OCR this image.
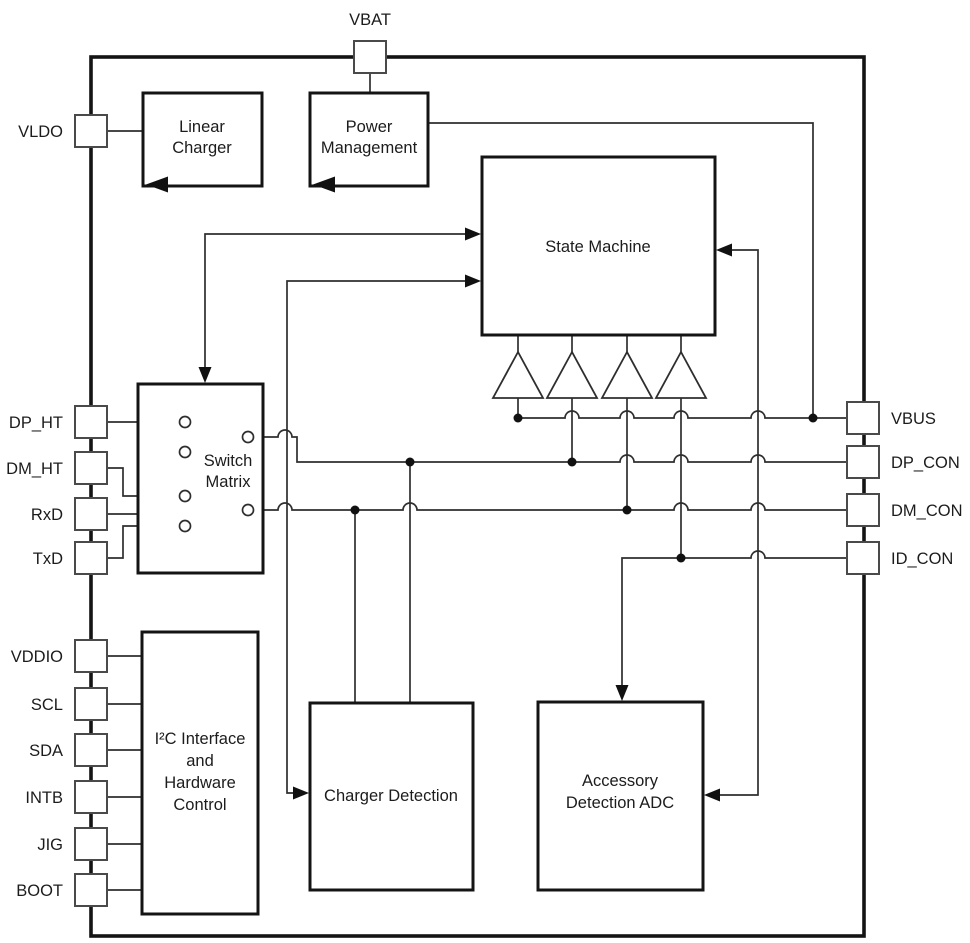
Linear
Charger
Power
Management
State Machine
Switch
Matrix
I²C Interface
and
Hardware
Control	Charger Detection
Accessory
Detection ADC
VBAT
VLDO
DP_HT
DM_HT
RxD
TxD
VDDIO
SCL
SDA
INTB
JIG
BOOT
VBUS
DP_CON
DM_CON
ID_CON
